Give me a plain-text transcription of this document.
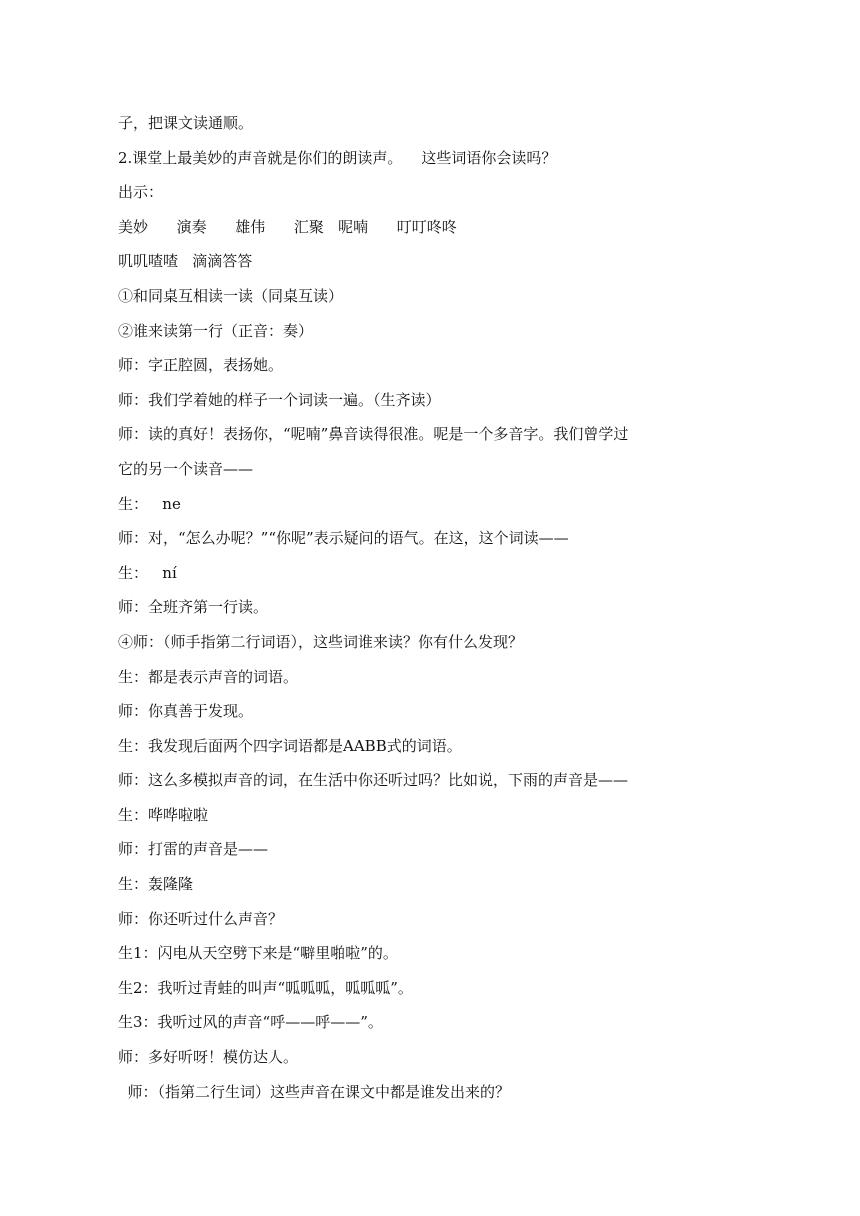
子，把课文读通顺。
2.课堂上最美妙的声音就是你们的朗读声。    这些词语你会读吗？
出示：
美妙      演奏      雄伟      汇聚   呢喃      叮叮咚咚
叽叽喳喳   滴滴答答
①和同桌互相读一读（同桌互读）
②谁来读第一行（正音：奏）
师：字正腔圆，表扬她。
师：我们学着她的样子一个词读一遍。（生齐读）
师：读的真好！表扬你，“呢喃”鼻音读得很准。呢是一个多音字。我们曾学过
它的另一个读音——
生：   ne
师：对，“怎么办呢？”“你呢”表示疑问的语气。在这，这个词读——
生：   ní
师：全班齐第一行读。
④师：（师手指第二行词语），这些词谁来读？你有什么发现？
生：都是表示声音的词语。
师：你真善于发现。
生：我发现后面两个四字词语都是AABB式的词语。
师：这么多模拟声音的词，在生活中你还听过吗？比如说，下雨的声音是——
生：哗哗啦啦
师：打雷的声音是——
生：轰隆隆
师：你还听过什么声音？
生1：闪电从天空劈下来是“噼里啪啦”的。
生2：我听过青蛙的叫声“呱呱呱，呱呱呱”。
生3：我听过风的声音“呼——呼——”。
师：多好听呀！模仿达人。
师：（指第二行生词）这些声音在课文中都是谁发出来的？
